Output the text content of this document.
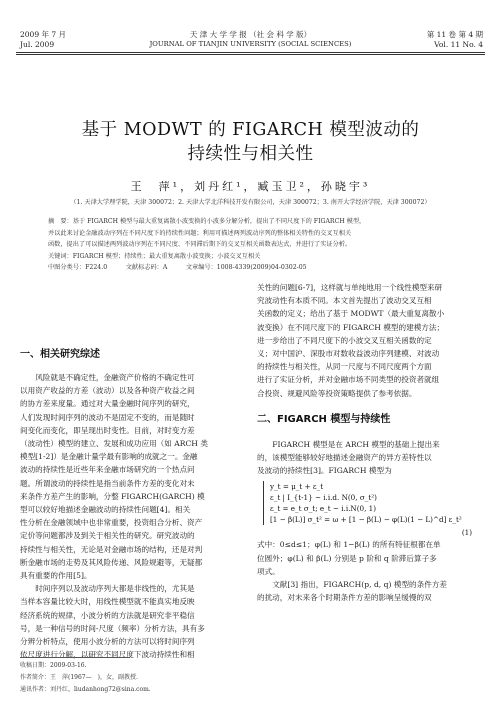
2009 年 7 月
Jul. 2009
天 津 大 学 学 报 （社 会 科 学 版）
JOURNAL OF TIANJIN UNIVERSITY (SOCIAL SCIENCES)
第 11 卷 第 4 期
Vol. 11 No. 4
基于 MODWT 的 FIGARCH 模型波动的
持续性与相关性
王　萍¹，刘丹红¹，臧玉卫²，孙晓宇³
（1. 天津大学理学院，天津 300072；2. 天津大学北洋科技开发有限公司，天津 300072；3. 南开大学经济学院，天津 300072）
摘　要：基于 FIGARCH 模型与最大重复离散小波变换的小波多分解分析，提出了不同尺度下的 FIGARCH 模型，
并以此来讨论金融波动序列在不同尺度下的持续性问题；利用可描述两列波动序列的整体相关特性的交叉互相关
函数，提出了可以描述两列波动序列在不同尺度、不同滞后期下的交叉互相关函数表达式，并进行了实证分析。
关键词：FIGARCH 模型；持续性；最大重复离散小波变换；小波交叉互相关
中图分类号：F224.0　　　文献标志码：A　　　文章编号：1008-4339(2009)04-0302-05
一、相关研究综述
风险就是不确定性，金融资产价格的不确定性可
以用资产收益的方差（波动）以及各种资产收益之间
的协方差来度量。通过对大量金融时间序列的研究，
人们发现时间序列的波动不是固定不变的，而是随时
间变化而变化，即呈现出时变性。目前，对时变方差
（波动性）模型的建立、发展和成功应用（如 ARCH 类
模型[1-2]）是金融计量学最有影响的成就之一。金融
波动的持续性是近些年来金融市场研究的一个热点问
题。所谓波动的持续性是指当前条件方差的变化对未
来条件方差产生的影响，分整 FIGARCH(GARCH) 模
型可以较好地描述金融波动的持续性问题[4]。相关
性分析在金融领域中也非常重要，投资组合分析、资产
定价等问题都涉及到关于相关性的研究。研究波动的
持续性与相关性，无论是对金融市场的结构，还是对判
断金融市场的走势及其风险传递、风险规避等，无疑都
具有重要的作用[5]。
时间序列以及波动序列大都是非线性的，尤其是
当样本容量比较大时，用线性模型就不能真实地反映
经济系统的规律，小波分析的方法就是研究非平稳信
号，是一种信号的时间-尺度（频率）分析方法，具有多
分辨分析特点，使用小波分析的方法可以将时间序列
依尺度进行分解，以研究不同尺度下波动持续性和相
收稿日期：2009-03-16.
作者简介：王　萍(1967—　)，女，副教授.
通讯作者：刘丹红，liudanhong72@sina.com.
关性的问题[6-7]，这样就与单纯地用一个线性模型来研
究波动性有本质不同。本文首先提出了波动交叉互相
关函数的定义；给出了基于 MODWT（最大重复离散小
波变换）在不同尺度下的 FIGARCH 模型的建模方法；
进一步给出了不同尺度下的小波交叉互相关函数的定
义；对中国沪、深股市对数收益波动序列建模、对波动
的持续性与相关性，从同一尺度与不同尺度两个方面
进行了实证分析，并对金融市场不同类型的投资者就组
合投资、规避风险等投资策略提供了参考依据。
二、FIGARCH 模型与持续性
FIGARCH 模型是在 ARCH 模型的基础上提出来
的，该模型能够较好地描述金融资产的异方差特性以
及波动的持续性[3]。FIGARCH 模型为
y_t = μ_t + ε_t
ε_t | I_{t-1} ~ i.i.d. N(0, σ_t²)
ε_t = e_t σ_t; e_t ~ i.i.N(0, 1)
[1 − β(L)] σ_t² = ω + [1 − β(L) − φ(L)(1 − L)^d] ε_t²
(1)
式中：0≤d≤1；φ(L) 和 1−β(L) 的所有特征根都在单
位圆外；φ(L) 和 β(L) 分别是 p 阶和 q 阶滞后算子多
项式。
文献[3] 指出，FIGARCH(p, d, q) 模型的条件方差
的扰动，对未来各个时期条件方差的影响呈缓慢的双
